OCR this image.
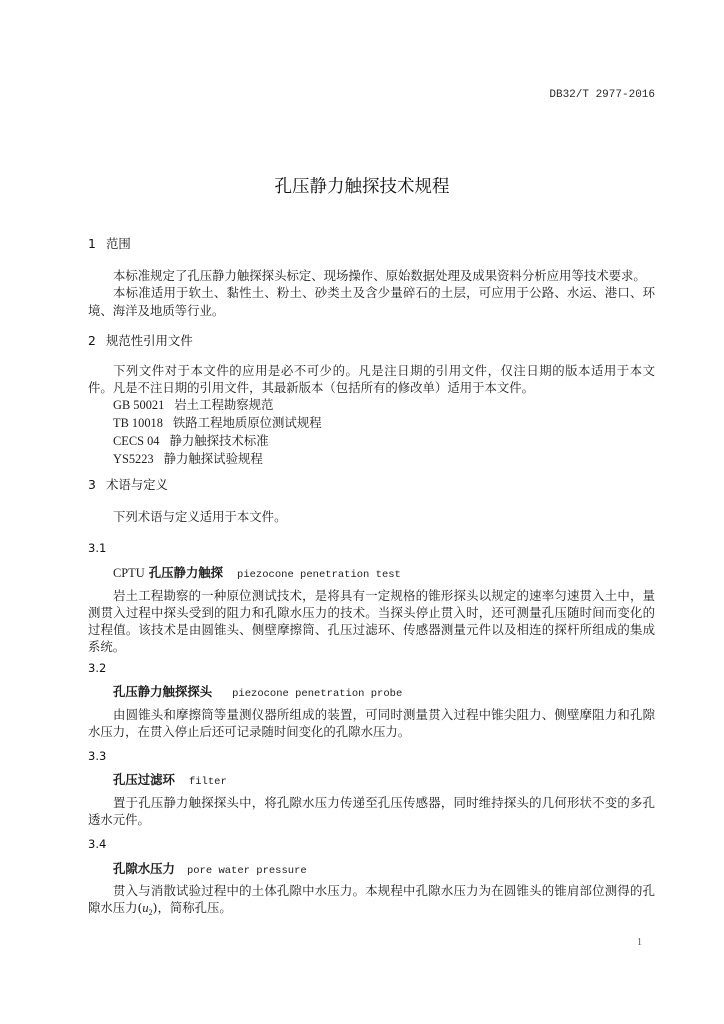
DB32/T 2977-2016
孔压静力触探技术规程
1 范围
本标准规定了孔压静力触探探头标定、现场操作、原始数据处理及成果资料分析应用等技术要求。
本标准适用于软土、黏性土、粉土、砂类土及含少量碎石的土层，可应用于公路、水运、港口、环
境、海洋及地质等行业。
2 规范性引用文件
下列文件对于本文件的应用是必不可少的。凡是注日期的引用文件，仅注日期的版本适用于本文
件。凡是不注日期的引用文件，其最新版本（包括所有的修改单）适用于本文件。
GB 50021 岩土工程勘察规范
TB 10018 铁路工程地质原位测试规程
CECS 04 静力触探技术标准
YS5223 静力触探试验规程
3 术语与定义
下列术语与定义适用于本文件。
3.1
CPTU 孔压静力触探 piezocone penetration test
岩土工程勘察的一种原位测试技术，是将具有一定规格的锥形探头以规定的速率匀速贯入土中，量
测贯入过程中探头受到的阻力和孔隙水压力的技术。当探头停止贯入时，还可测量孔压随时间而变化的
过程值。该技术是由圆锥头、侧壁摩擦筒、孔压过滤环、传感器测量元件以及相连的探杆所组成的集成
系统。
3.2
孔压静力触探探头 piezocone penetration probe
由圆锥头和摩擦筒等量测仪器所组成的装置，可同时测量贯入过程中锥尖阻力、侧壁摩阻力和孔隙
水压力，在贯入停止后还可记录随时间变化的孔隙水压力。
3.3
孔压过滤环 filter
置于孔压静力触探探头中，将孔隙水压力传递至孔压传感器，同时维持探头的几何形状不变的多孔
透水元件。
3.4
孔隙水压力 pore water pressure
贯入与消散试验过程中的土体孔隙中水压力。本规程中孔隙水压力为在圆锥头的锥肩部位测得的孔
隙水压力$(u_2)$，简称孔压。
1
